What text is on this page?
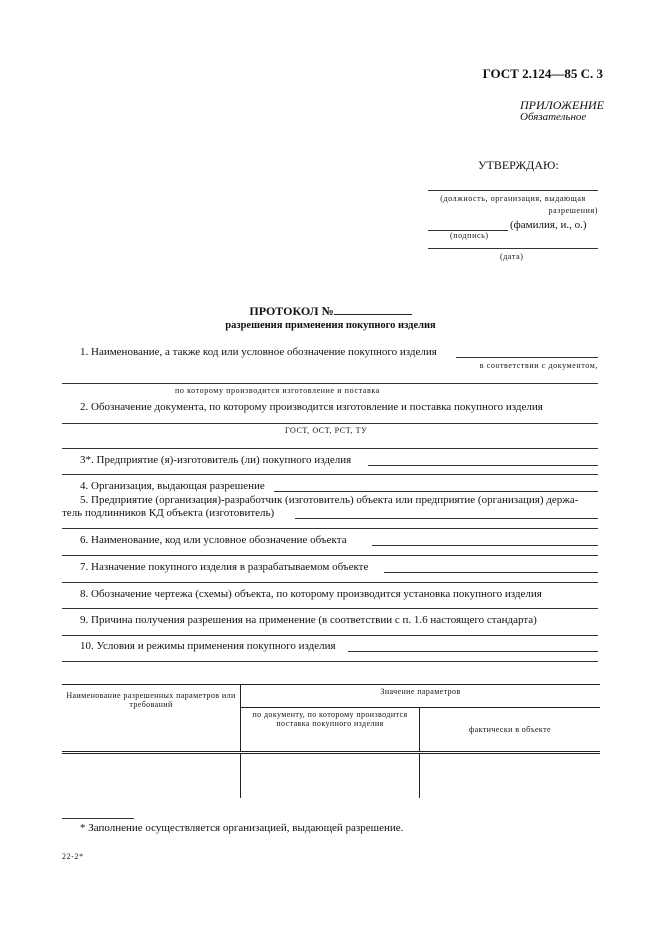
ГОСТ 2.124—85 С. 3
ПРИЛОЖЕНИЕ
Обязательное
УТВЕРЖДАЮ:
(должность, организация, выдающая
разрешения)
(фамилия, и., о.)
(подпись)
(дата)
ПРОТОКОЛ №
разрешения применения покупного изделия
1. Наименование, а также код или условное обозначение покупного изделия
в соответствии с документом,
по которому производится изготовление и поставка
2. Обозначение документа, по которому производится изготовление и поставка покупного изделия
ГОСТ, ОСТ, РСТ, ТУ
3*. Предприятие (я)-изготовитель (ли) покупного изделия
4. Организация, выдающая разрешение
5. Предприятие (организация)-разработчик (изготовитель) объекта или предприятие (организация) держа-
тель подлинников КД объекта (изготовитель)
6. Наименование, код или условное обозначение объекта
7. Назначение покупного изделия в разрабатываемом объекте
8. Обозначение чертежа (схемы) объекта, по которому производится установка покупного изделия
9. Причина получения разрешения на применение (в соответствии с п. 1.6 настоящего стандарта)
10. Условия и режимы применения покупного изделия
Наименование разрешенных параметров или требований	Значение параметров	
	по документу, по которому производится поставка покупного изделия	фактически в объекте

* Заполнение осуществляется организацией, выдающей разрешение.
22-2*
